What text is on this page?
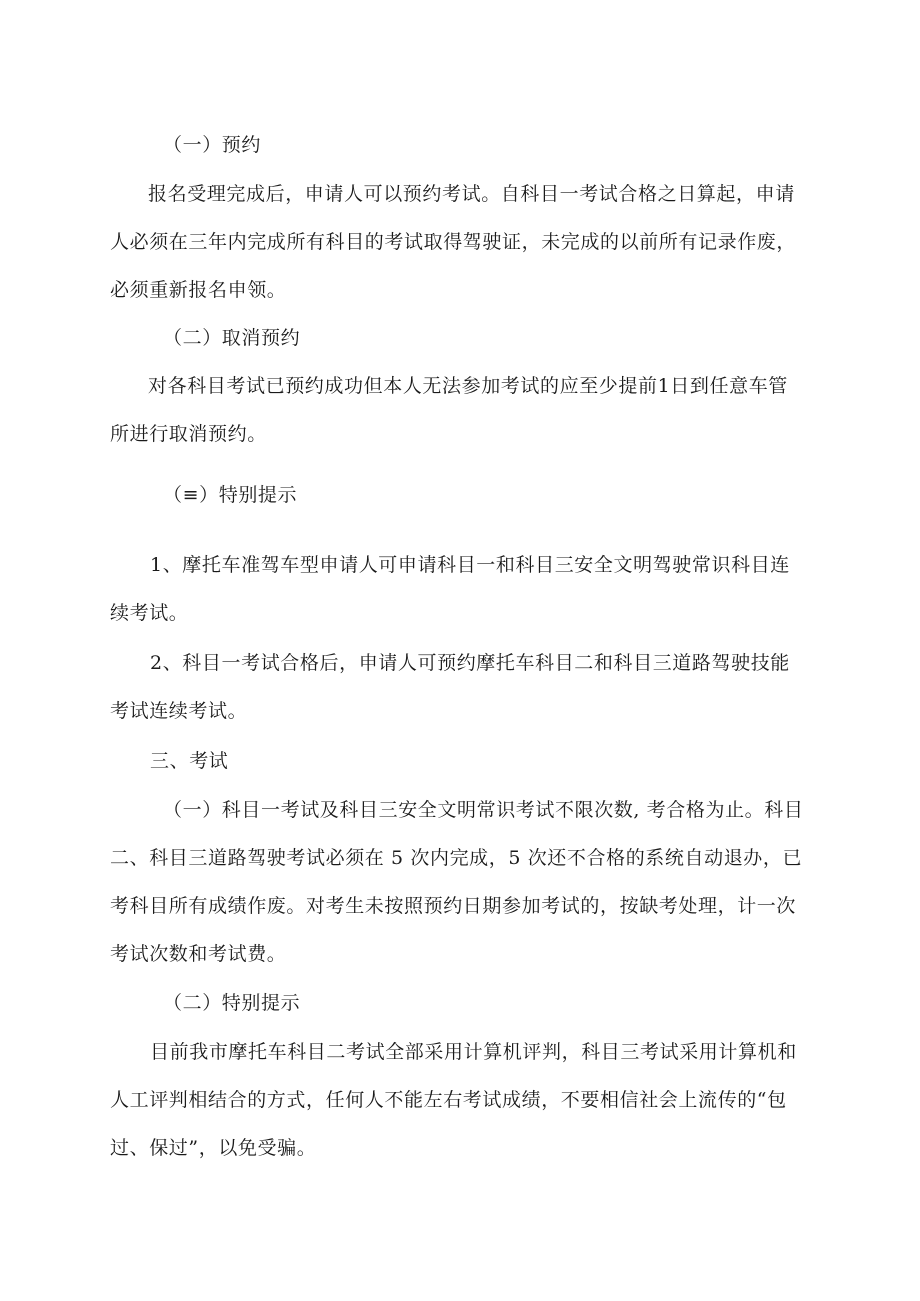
（一）预约

报名受理完成后，申请人可以预约考试。自科目一考试合格之日算起，申请

人必须在三年内完成所有科目的考试取得驾驶证，未完成的以前所有记录作废，

必须重新报名申领。

（二）取消预约

对各科目考试已预约成功但本人无法参加考试的应至少提前1日到任意车管

所进行取消预约。

（≡）特别提示

1、摩托车准驾车型申请人可申请科目一和科目三安全文明驾驶常识科目连

续考试。

2、科目一考试合格后，申请人可预约摩托车科目二和科目三道路驾驶技能

考试连续考试。

三、考试

（一）科目一考试及科目三安全文明常识考试不限次数, 考合格为止。科目

二、科目三道路驾驶考试必须在 5 次内完成，5 次还不合格的系统自动退办，已

考科目所有成绩作废。对考生未按照预约日期参加考试的，按缺考处理，计一次

考试次数和考试费。

（二）特别提示

目前我市摩托车科目二考试全部采用计算机评判，科目三考试采用计算机和

人工评判相结合的方式，任何人不能左右考试成绩，不要相信社会上流传的“包

过、保过”，以免受骗。
